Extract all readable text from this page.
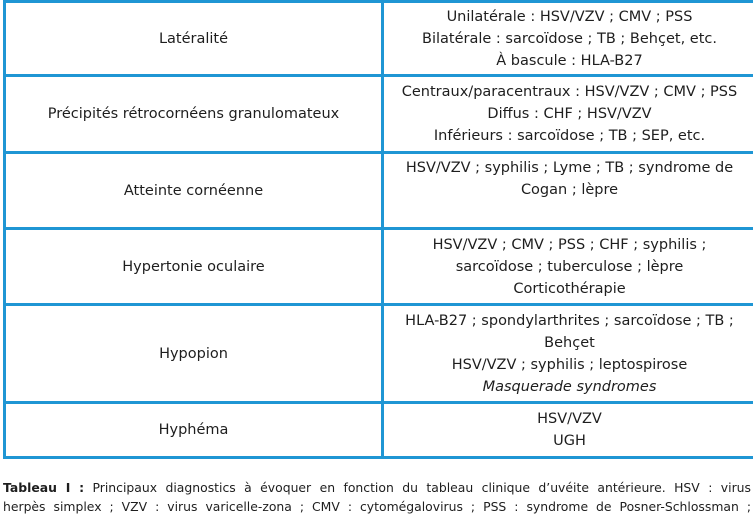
Latéralité	Unilatérale : HSV/VZV ; CMV ; PSS
Bilatérale : sarcoïdose ; TB ; Behçet, etc.
À bascule : HLA-B27

Précipités rétrocornéens granulomateux	Centraux/paracentraux : HSV/VZV ; CMV ; PSS
Diffus : CHF ; HSV/VZV
Inférieurs : sarcoïdose ; TB ; SEP, etc.

Atteinte cornéenne	HSV/VZV ; syphilis ; Lyme ; TB ; syndrome de Cogan ; lèpre

Hypertonie oculaire	HSV/VZV ; CMV ; PSS ; CHF ; syphilis ; sarcoïdose ; tuberculose ; lèpre
Corticothérapie

Hypopion	HLA-B27 ; spondylarthrites ; sarcoïdose ; TB ; Behçet
HSV/VZV ; syphilis ; leptospirose
Masquerade syndromes

Hyphéma	HSV/VZV
UGH
Tableau I : Principaux diagnostics à évoquer en fonction du tableau clinique d’uvéite antérieure. HSV : virus
herpès simplex ; VZV : virus varicelle-zona ; CMV : cytomégalovirus ; PSS : syndrome de Posner-Schlossman ;
